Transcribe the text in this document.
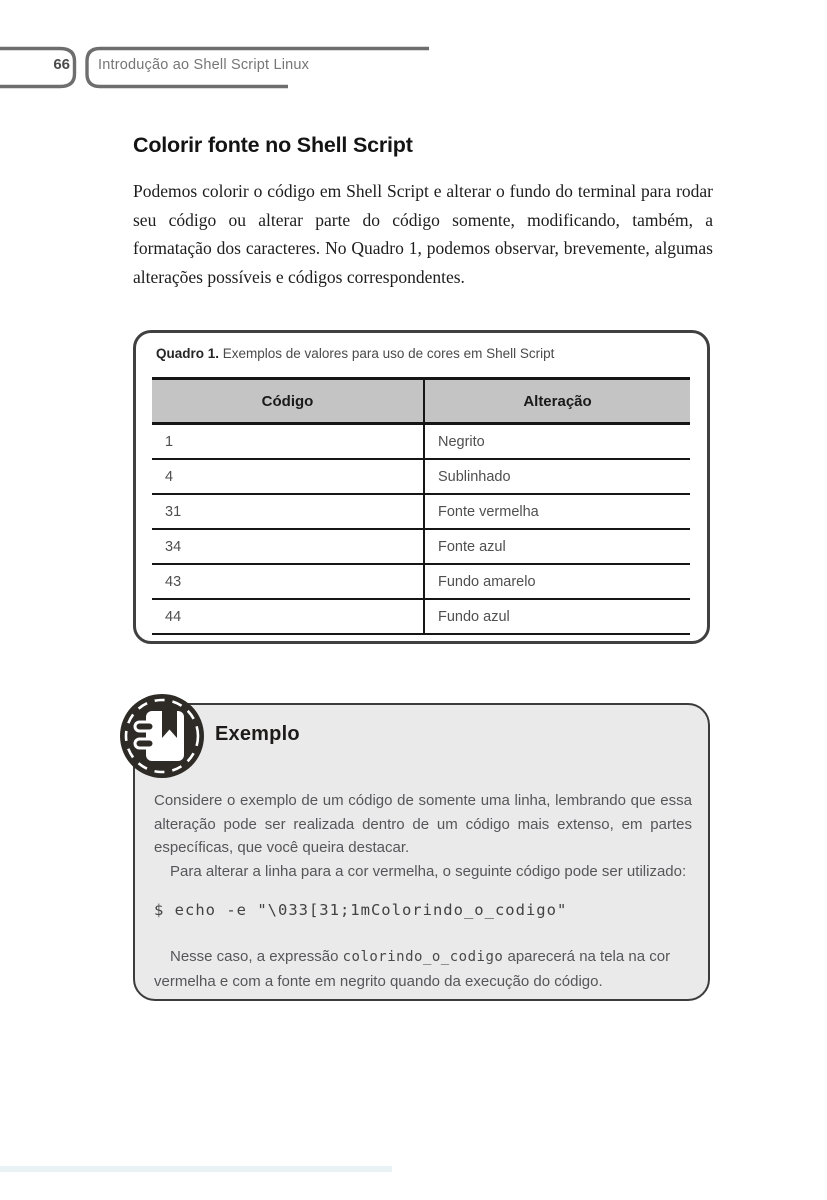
66 Introdução ao Shell Script Linux
Colorir fonte no Shell Script

Podemos colorir o código em Shell Script e alterar o fundo do terminal para rodar seu código ou alterar parte do código somente, modificando, também, a formatação dos caracteres. No Quadro 1, podemos observar, brevemente, algumas alterações possíveis e códigos correspondentes.

Quadro 1. Exemplos de valores para uso de cores em Shell Script
Código	Alteração
1	Negrito
4	Sublinhado
31	Fonte vermelha
34	Fonte azul
43	Fundo amarelo
44	Fundo azul
Exemplo

Considere o exemplo de um código de somente uma linha, lembrando que essa alteração pode ser realizada dentro de um código mais extenso, em partes específicas, que você queira destacar.

Para alterar a linha para a cor vermelha, o seguinte código pode ser utilizado:

$ echo -e "\033[31;1mColorindo_o_codigo"

Nesse caso, a expressão colorindo_o_codigo aparecerá na tela na cor vermelha e com a fonte em negrito quando da execução do código.
